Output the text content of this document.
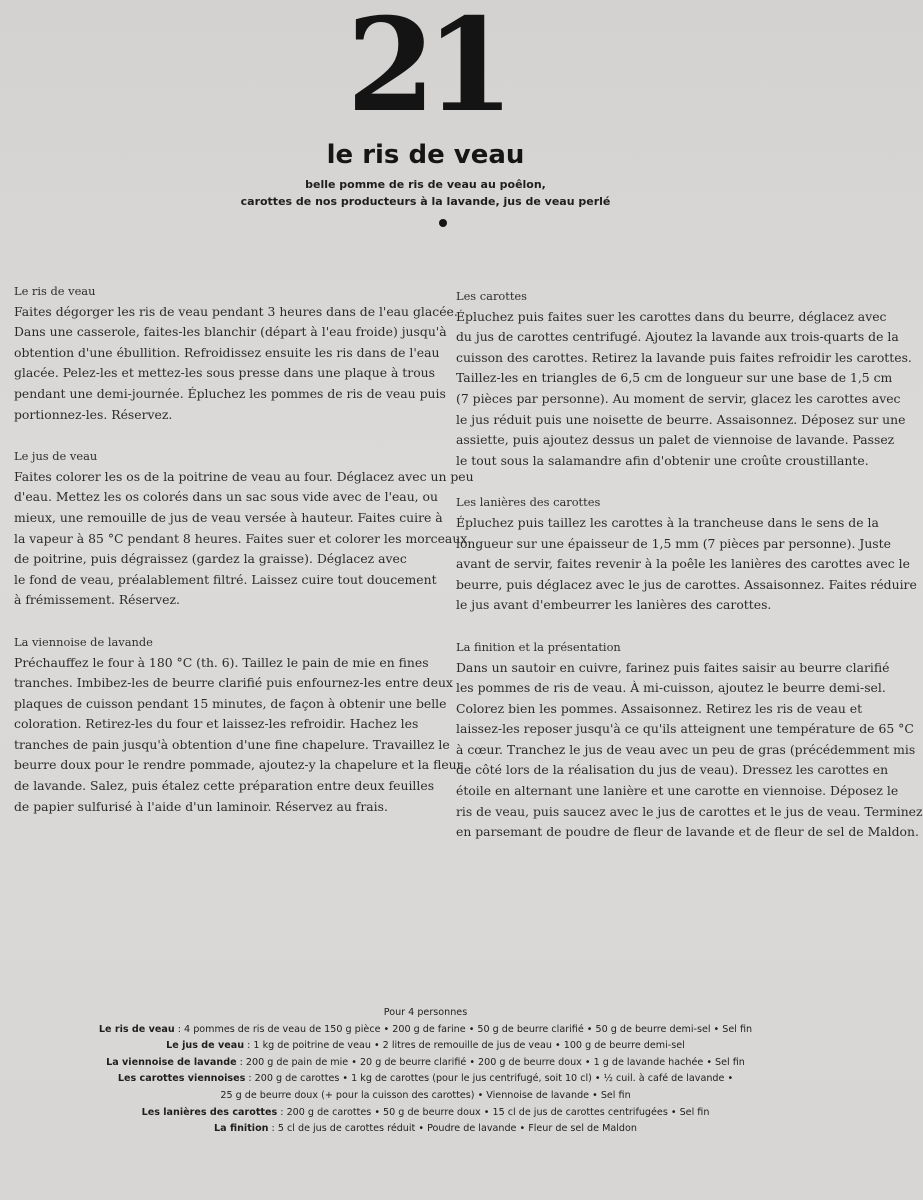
21
le ris de veau
belle pomme de ris de veau au poêlon,
carottes de nos producteurs à la lavande, jus de veau perlé
Le ris de veau
Faites dégorger les ris de veau pendant 3 heures dans de l'eau glacée.
Dans une casserole, faites-les blanchir (départ à l'eau froide) jusqu'à
obtention d'une ébullition. Refroidissez ensuite les ris dans de l'eau
glacée. Pelez-les et mettez-les sous presse dans une plaque à trous
pendant une demi-journée. Épluchez les pommes de ris de veau puis
portionnez-les. Réservez.
Le jus de veau
Faites colorer les os de la poitrine de veau au four. Déglacez avec un peu
d'eau. Mettez les os colorés dans un sac sous vide avec de l'eau, ou
mieux, une remouille de jus de veau versée à hauteur. Faites cuire à
la vapeur à 85 °C pendant 8 heures. Faites suer et colorer les morceaux
de poitrine, puis dégraissez (gardez la graisse). Déglacez avec
le fond de veau, préalablement filtré. Laissez cuire tout doucement
à frémissement. Réservez.
La viennoise de lavande
Préchauffez le four à 180 °C (th. 6). Taillez le pain de mie en fines
tranches. Imbibez-les de beurre clarifié puis enfournez-les entre deux
plaques de cuisson pendant 15 minutes, de façon à obtenir une belle
coloration. Retirez-les du four et laissez-les refroidir. Hachez les
tranches de pain jusqu'à obtention d'une fine chapelure. Travaillez le
beurre doux pour le rendre pommade, ajoutez-y la chapelure et la fleur
de lavande. Salez, puis étalez cette préparation entre deux feuilles
de papier sulfurisé à l'aide d'un laminoir. Réservez au frais.
Les carottes
Épluchez puis faites suer les carottes dans du beurre, déglacez avec
du jus de carottes centrifugé. Ajoutez la lavande aux trois-quarts de la
cuisson des carottes. Retirez la lavande puis faites refroidir les carottes.
Taillez-les en triangles de 6,5 cm de longueur sur une base de 1,5 cm
(7 pièces par personne). Au moment de servir, glacez les carottes avec
le jus réduit puis une noisette de beurre. Assaisonnez. Déposez sur une
assiette, puis ajoutez dessus un palet de viennoise de lavande. Passez
le tout sous la salamandre afin d'obtenir une croûte croustillante.
Les lanières des carottes
Épluchez puis taillez les carottes à la trancheuse dans le sens de la
longueur sur une épaisseur de 1,5 mm (7 pièces par personne). Juste
avant de servir, faites revenir à la poêle les lanières des carottes avec le
beurre, puis déglacez avec le jus de carottes. Assaisonnez. Faites réduire
le jus avant d'embeurrer les lanières des carottes.
La finition et la présentation
Dans un sautoir en cuivre, farinez puis faites saisir au beurre clarifié
les pommes de ris de veau. À mi-cuisson, ajoutez le beurre demi-sel.
Colorez bien les pommes. Assaisonnez. Retirez les ris de veau et
laissez-les reposer jusqu'à ce qu'ils atteignent une température de 65 °C
à cœur. Tranchez le jus de veau avec un peu de gras (précédemment mis
de côté lors de la réalisation du jus de veau). Dressez les carottes en
étoile en alternant une lanière et une carotte en viennoise. Déposez le
ris de veau, puis saucez avec le jus de carottes et le jus de veau. Terminez
en parsemant de poudre de fleur de lavande et de fleur de sel de Maldon.
Pour 4 personnes
Le ris de veau : 4 pommes de ris de veau de 150 g pièce • 200 g de farine • 50 g de beurre clarifié • 50 g de beurre demi-sel • Sel fin
Le jus de veau : 1 kg de poitrine de veau • 2 litres de remouille de jus de veau • 100 g de beurre demi-sel
La viennoise de lavande : 200 g de pain de mie • 20 g de beurre clarifié • 200 g de beurre doux • 1 g de lavande hachée • Sel fin
Les carottes viennoises : 200 g de carottes • 1 kg de carottes (pour le jus centrifugé, soit 10 cl) • ½ cuil. à café de lavande •
25 g de beurre doux (+ pour la cuisson des carottes) • Viennoise de lavande • Sel fin
Les lanières des carottes : 200 g de carottes • 50 g de beurre doux • 15 cl de jus de carottes centrifugées • Sel fin
La finition : 5 cl de jus de carottes réduit • Poudre de lavande • Fleur de sel de Maldon
